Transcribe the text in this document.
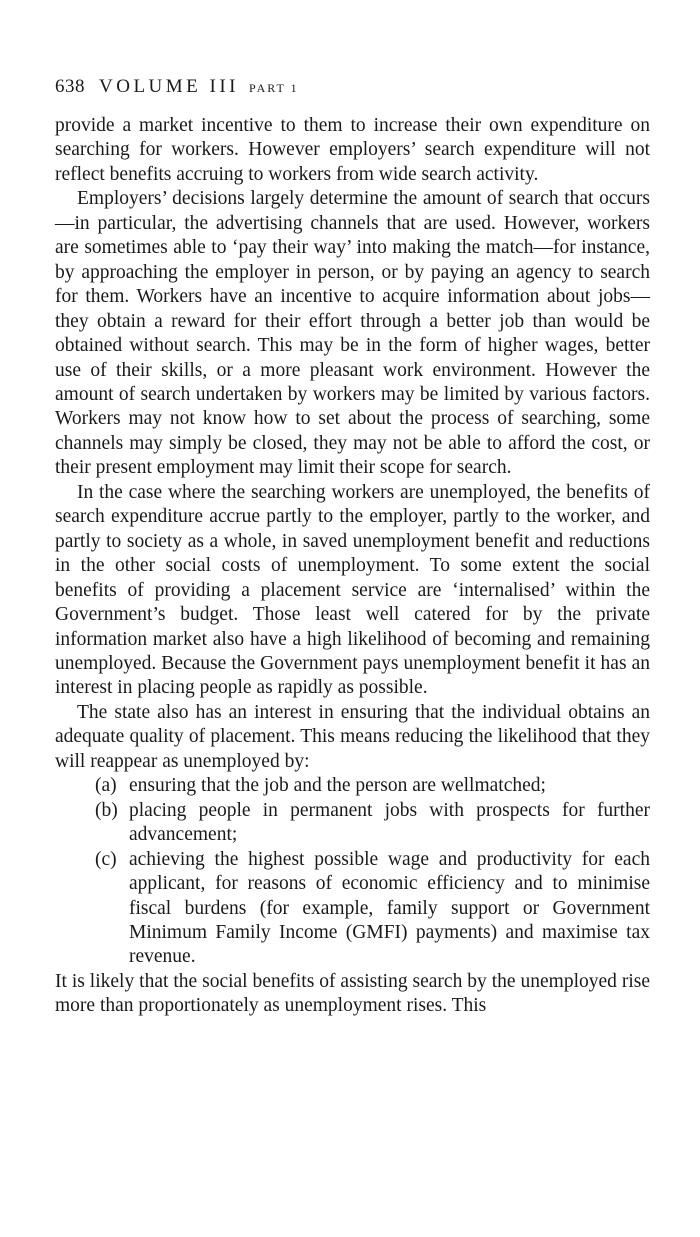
638 VOLUME III PART 1

provide a market incentive to them to increase their own expenditure on searching for workers. However employers’ search expenditure will not reflect benefits accruing to workers from wide search activity.

Employers’ decisions largely determine the amount of search that occurs—in particular, the advertising channels that are used. However, workers are sometimes able to ‘pay their way’ into making the match—for instance, by approaching the employer in person, or by paying an agency to search for them. Workers have an incentive to acquire information about jobs—they obtain a reward for their effort through a better job than would be obtained without search. This may be in the form of higher wages, better use of their skills, or a more pleasant work environment. However the amount of search undertaken by workers may be limited by various factors. Workers may not know how to set about the process of searching, some channels may simply be closed, they may not be able to afford the cost, or their present employment may limit their scope for search.

In the case where the searching workers are unemployed, the benefits of search expenditure accrue partly to the employer, partly to the worker, and partly to society as a whole, in saved unemployment benefit and reductions in the other social costs of unemployment. To some extent the social benefits of providing a placement service are ‘internalised’ within the Government’s budget. Those least well catered for by the private information market also have a high likelihood of becoming and remaining unemployed. Because the Government pays unemployment benefit it has an interest in placing people as rapidly as possible.

The state also has an interest in ensuring that the individual obtains an adequate quality of placement. This means reducing the likelihood that they will reappear as unemployed by:

(a) ensuring that the job and the person are wellmatched;
(b) placing people in permanent jobs with prospects for further advancement;
(c) achieving the highest possible wage and productivity for each applicant, for reasons of economic efficiency and to minimise fiscal burdens (for example, family support or Government Minimum Family Income (GMFI) payments) and maximise tax revenue.

It is likely that the social benefits of assisting search by the unemployed rise more than proportionately as unemployment rises. This
